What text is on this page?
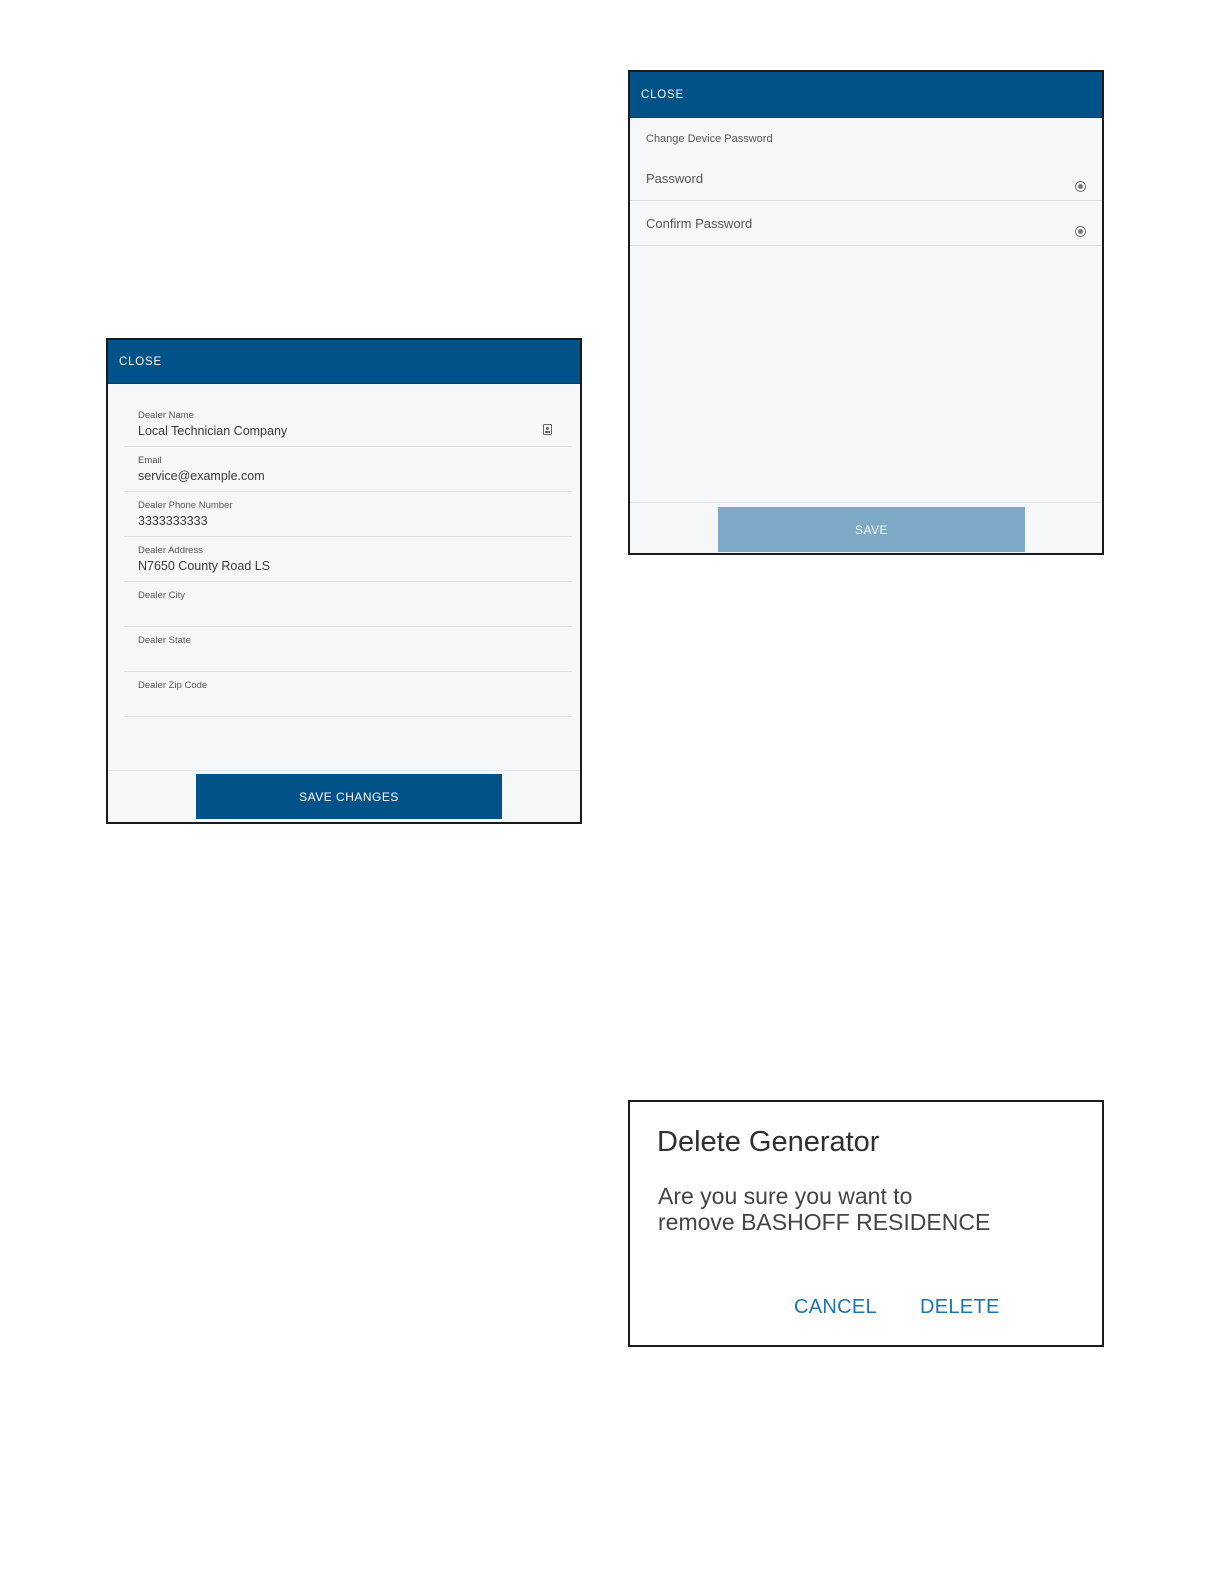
CLOSE
Change Device Password
Password
Confirm Password
SAVE
CLOSE
Dealer Name
Local Technician Company
Email
service@example.com
Dealer Phone Number
3333333333
Dealer Address
N7650 County Road LS
Dealer City
Dealer State
Dealer Zip Code
SAVE CHANGES
Delete Generator
Are you sure you want to
remove BASHOFF RESIDENCE
CANCEL DELETE
